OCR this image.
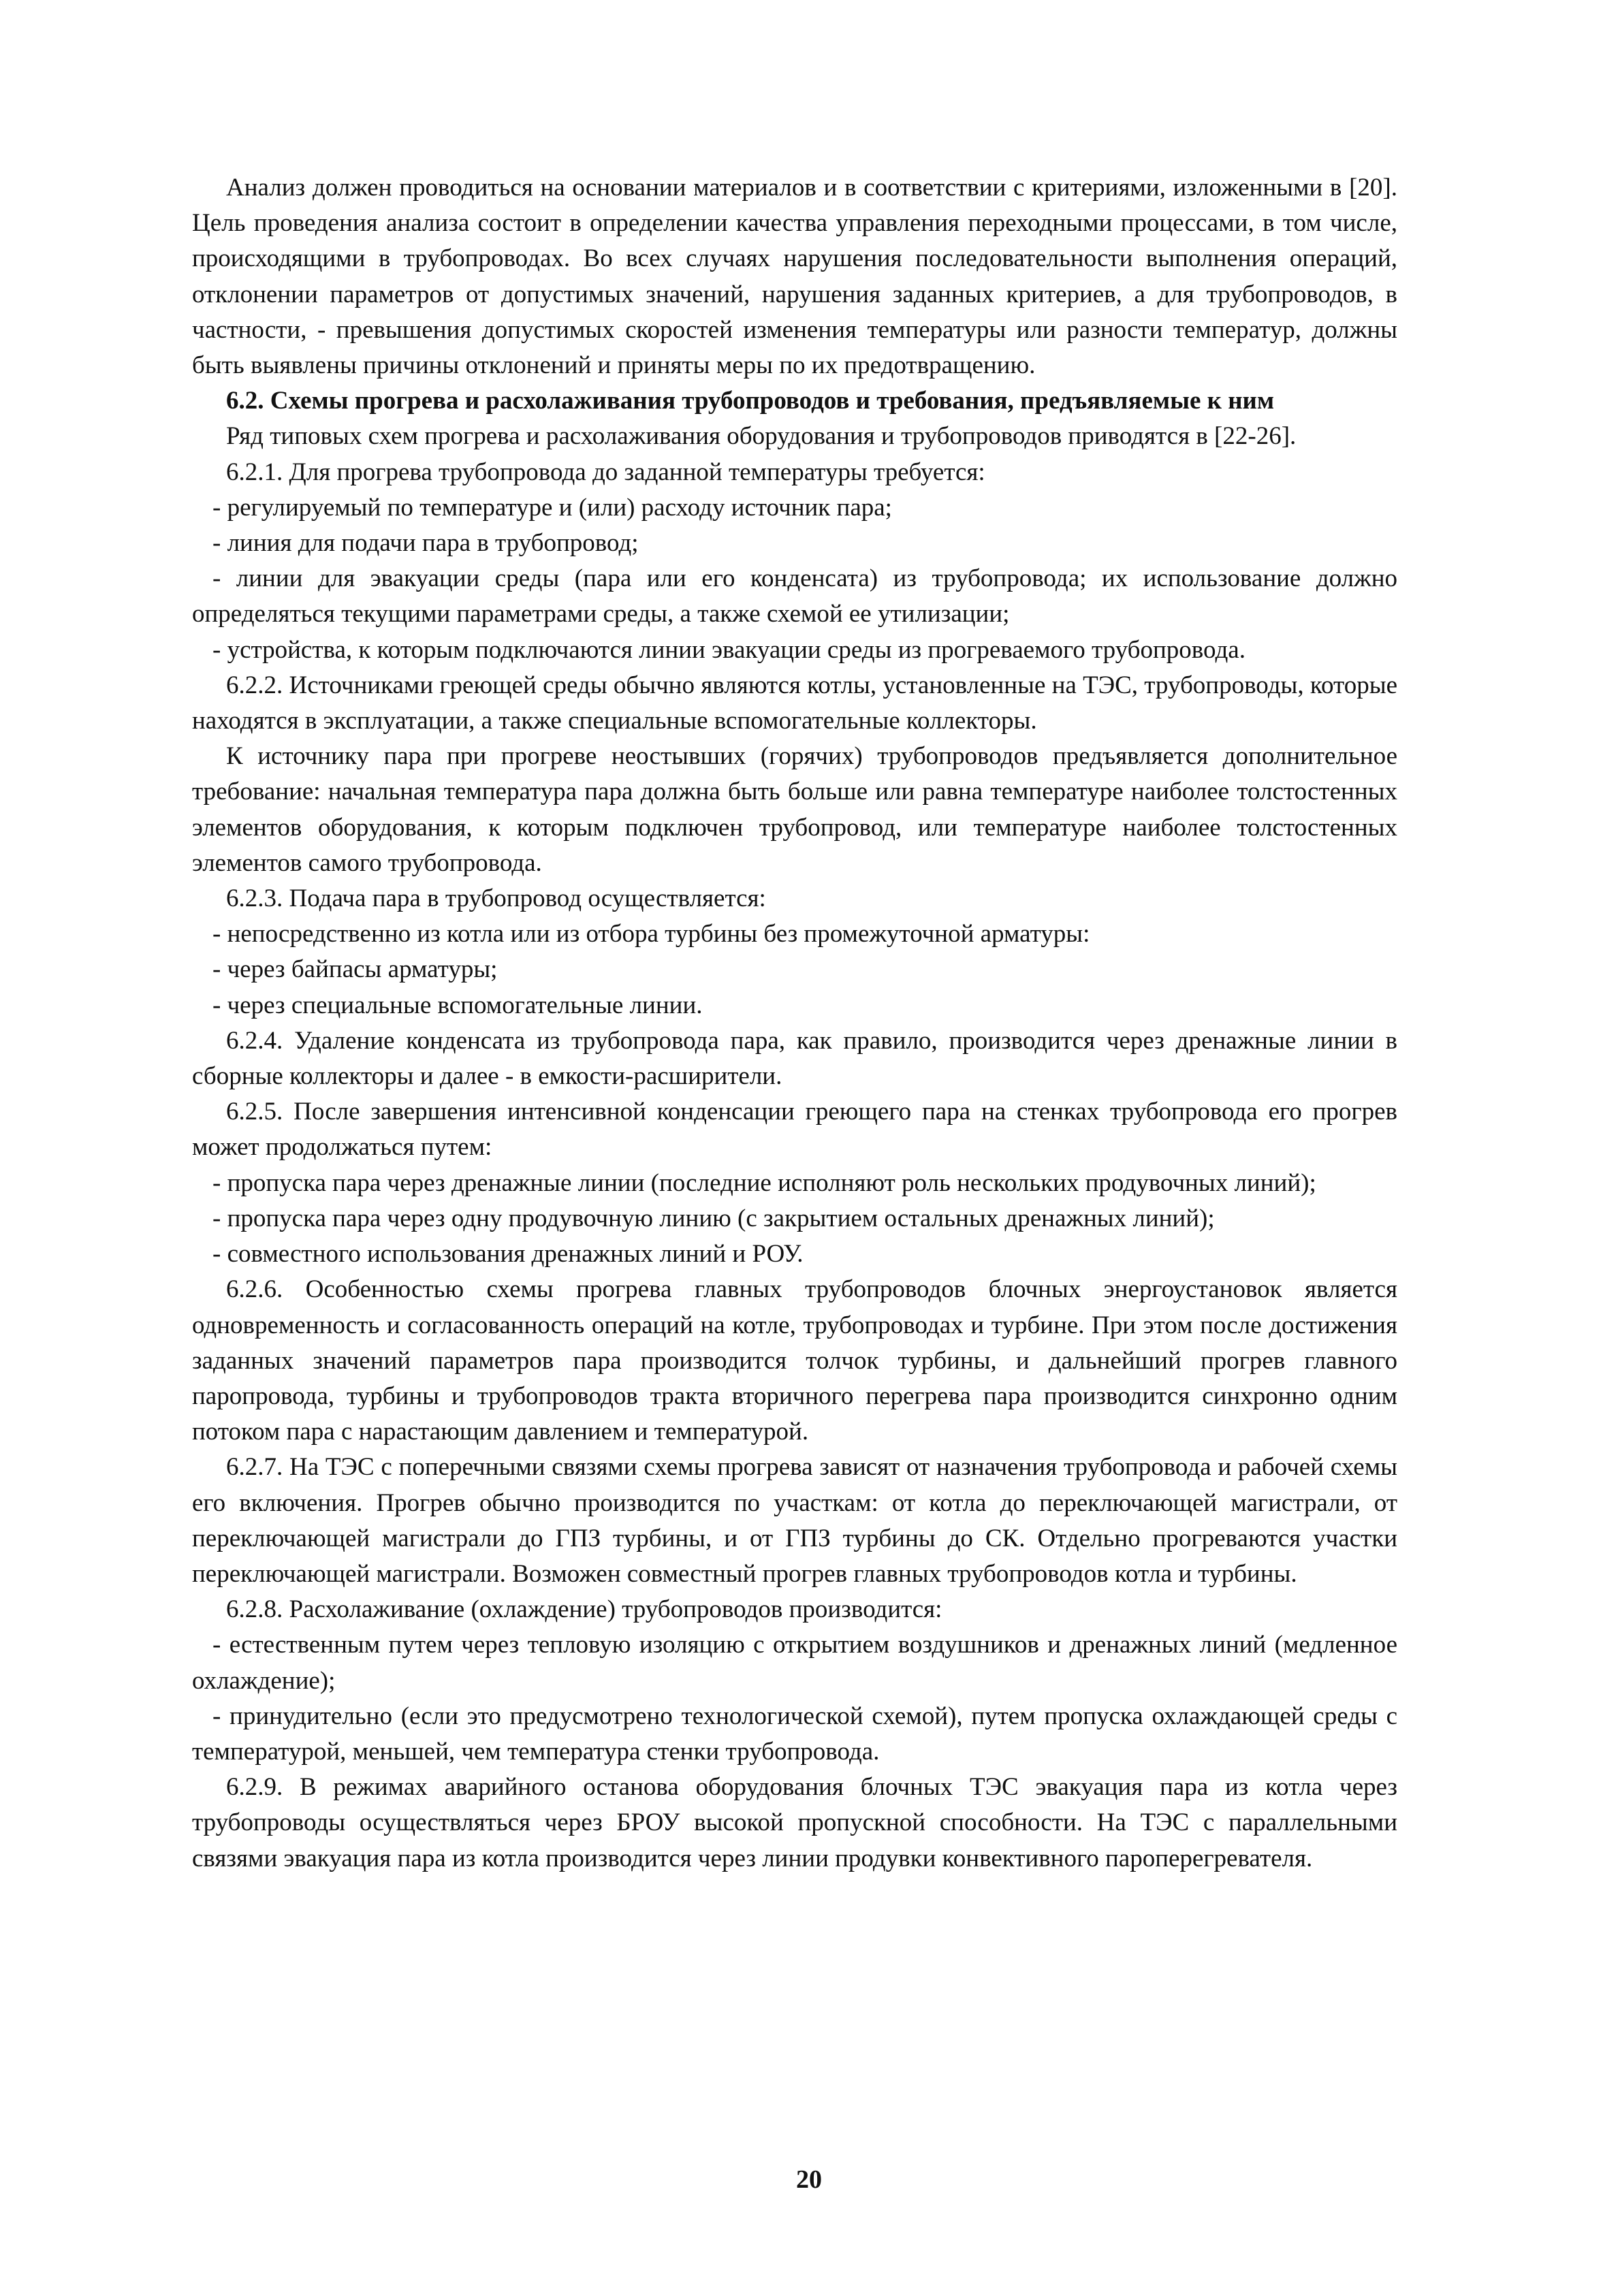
Анализ должен проводиться на основании материалов и в соответствии с критериями, изложенными в [20]. Цель проведения анализа состоит в определении качества управления переходными процессами, в том числе, происходящими в трубопроводах. Во всех случаях нарушения последовательности выполнения операций, отклонении параметров от допустимых значений, нарушения заданных критериев, а для трубопроводов, в частности, - превышения допустимых скоростей изменения температуры или разности температур, должны быть выявлены причины отклонений и приняты меры по их предотвращению.

6.2. Схемы прогрева и расхолаживания трубопроводов и требования, предъявляемые к ним

Ряд типовых схем прогрева и расхолаживания оборудования и трубопроводов приводятся в [22-26].

6.2.1. Для прогрева трубопровода до заданной температуры требуется:

- регулируемый по температуре и (или) расходу источник пара;

- линия для подачи пара в трубопровод;

- линии для эвакуации среды (пара или его конденсата) из трубопровода; их использование должно определяться текущими параметрами среды, а также схемой ее утилизации;

- устройства, к которым подключаются линии эвакуации среды из прогреваемого трубопровода.

6.2.2. Источниками греющей среды обычно являются котлы, установленные на ТЭС, трубопроводы, которые находятся в эксплуатации, а также специальные вспомогательные коллекторы.

К источнику пара при прогреве неостывших (горячих) трубопроводов предъявляется дополнительное требование: начальная температура пара должна быть больше или равна температуре наиболее толстостенных элементов оборудования, к которым подключен трубопровод, или температуре наиболее толстостенных элементов самого трубопровода.

6.2.3. Подача пара в трубопровод осуществляется:

- непосредственно из котла или из отбора турбины без промежуточной арматуры:

- через байпасы арматуры;

- через специальные вспомогательные линии.

6.2.4. Удаление конденсата из трубопровода пара, как правило, производится через дренажные линии в сборные коллекторы и далее - в емкости-расширители.

6.2.5. После завершения интенсивной конденсации греющего пара на стенках трубопровода его прогрев может продолжаться путем:

- пропуска пара через дренажные линии (последние исполняют роль нескольких продувочных линий);

- пропуска пара через одну продувочную линию (с закрытием остальных дренажных линий);

- совместного использования дренажных линий и РОУ.

6.2.6. Особенностью схемы прогрева главных трубопроводов блочных энергоустановок является одновременность и согласованность операций на котле, трубопроводах и турбине. При этом после достижения заданных значений параметров пара производится толчок турбины, и дальнейший прогрев главного паропровода, турбины и трубопроводов тракта вторичного перегрева пара производится синхронно одним потоком пара с нарастающим давлением и температурой.

6.2.7. На ТЭС с поперечными связями схемы прогрева зависят от назначения трубопровода и рабочей схемы его включения. Прогрев обычно производится по участкам: от котла до переключающей магистрали, от переключающей магистрали до ГПЗ турбины, и от ГПЗ турбины до СК. Отдельно прогреваются участки переключающей магистрали. Возможен совместный прогрев главных трубопроводов котла и турбины.

6.2.8. Расхолаживание (охлаждение) трубопроводов производится:

- естественным путем через тепловую изоляцию с открытием воздушников и дренажных линий (медленное охлаждение);

- принудительно (если это предусмотрено технологической схемой), путем пропуска охлаждающей среды с температурой, меньшей, чем температура стенки трубопровода.

6.2.9. В режимах аварийного останова оборудования блочных ТЭС эвакуация пара из котла через трубопроводы осуществляться через БРОУ высокой пропускной способности. На ТЭС с параллельными связями эвакуация пара из котла производится через линии продувки конвективного пароперегревателя.

20
